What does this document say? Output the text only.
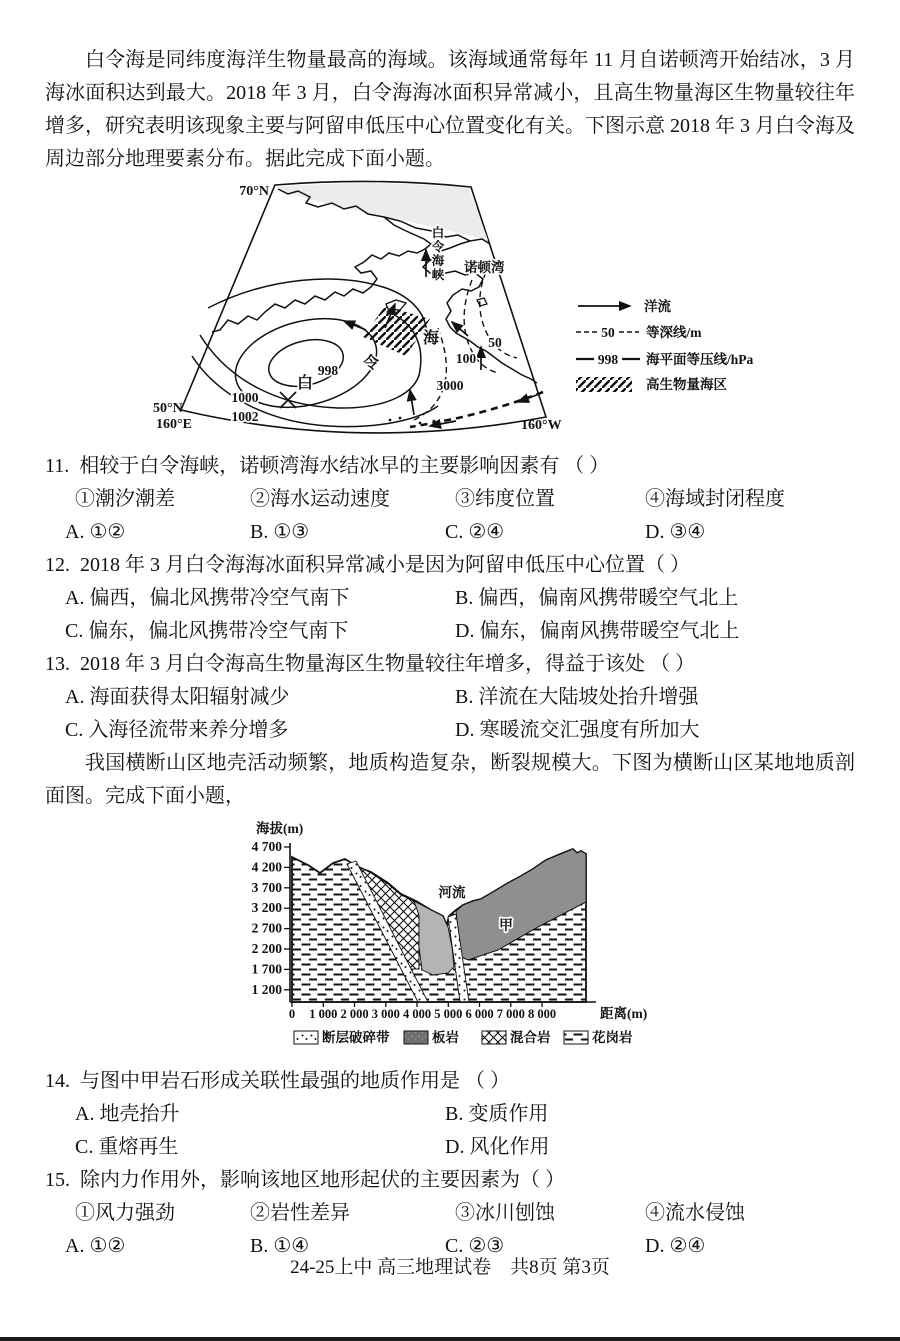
白令海是同纬度海洋生物量最高的海域。该海域通常每年 11 月自诺顿湾开始结冰，3 月海冰面积达到最大。2018 年 3 月，白令海海冰面积异常减小，且高生物量海区生物量较往年增多，研究表明该现象主要与阿留申低压中心位置变化有关。下图示意 2018 年 3 月白令海及周边部分地理要素分布。据此完成下面小题。

70°N
50°N
160°E	160°W
白
令
海
峡 诺顿湾
白
令
海
998
1000
1002
50
100
3000
洋流
50 等深线/m
998 海平面等压线/hPa
高生物量海区
11. 相较于白令海峡，诺顿湾海水结冰早的主要影响因素有 （ ）
①潮汐潮差	②海水运动速度	③纬度位置	④海域封闭程度
A. ①②	B. ①③	C. ②④	D. ③④
12. 2018 年 3 月白令海海冰面积异常减小是因为阿留申低压中心位置（ ）
A. 偏西，偏北风携带冷空气南下	B. 偏西，偏南风携带暖空气北上
C. 偏东，偏北风携带冷空气南下	D. 偏东，偏南风携带暖空气北上
13. 2018 年 3 月白令海高生物量海区生物量较往年增多，得益于该处 （ ）
A. 海面获得太阳辐射减少	B. 洋流在大陆坡处抬升增强
C. 入海径流带来养分增多	D. 寒暖流交汇强度有所加大

我国横断山区地壳活动频繁，地质构造复杂，断裂规模大。下图为横断山区某地地质剖面图。完成下面小题，

海拔(m)
4 700
4 200
3 700
3 200
2 700
2 200
1 700
1 200
0 1 000 2 000 3 000 4 000 5 000 6 000 7 000 8 000	距离(m)
河流
甲
断层破碎带	板岩	混合岩	花岗岩
14. 与图中甲岩石形成关联性最强的地质作用是 （ ）
A. 地壳抬升	B. 变质作用
C. 重熔再生	D. 风化作用
15. 除内力作用外，影响该地区地形起伏的主要因素为（ ）
①风力强劲	②岩性差异	③冰川刨蚀	④流水侵蚀
A. ①②	B. ①④	C. ②③	D. ②④
24-25上中 高三地理试卷　共8页 第3页
